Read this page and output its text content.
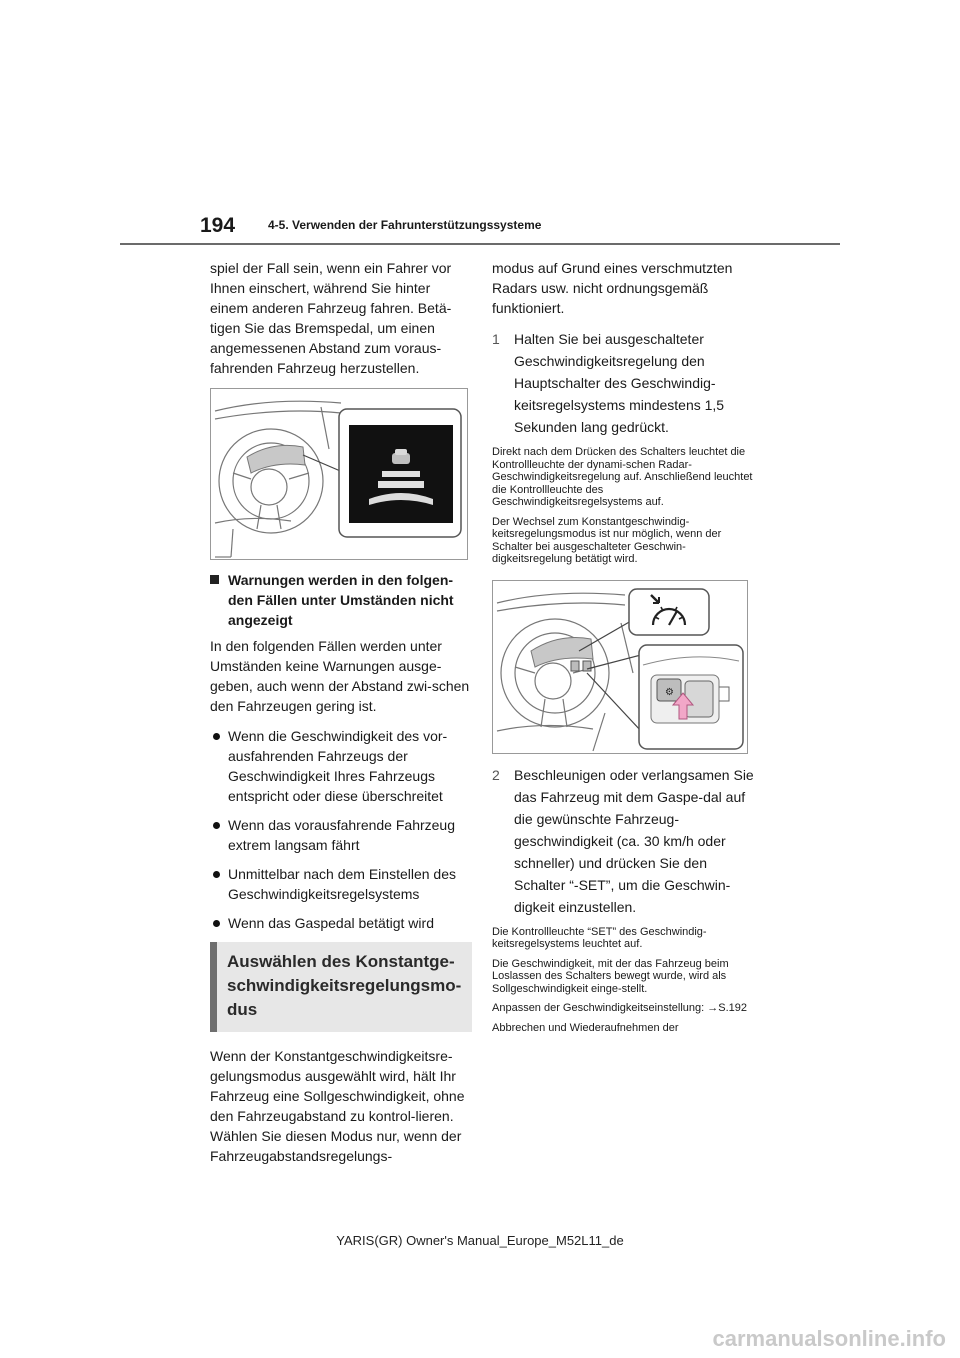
194	4-5. Verwenden der Fahrunterstützungssysteme

spiel der Fall sein, wenn ein Fahrer vor Ihnen einschert, während Sie hinter einem anderen Fahrzeug fahren. Betä-tigen Sie das Bremspedal, um einen angemessenen Abstand zum voraus-fahrenden Fahrzeug herzustellen.

Warnungen werden in den folgen-den Fällen unter Umständen nicht angezeigt

In den folgenden Fällen werden unter Umständen keine Warnungen ausge-geben, auch wenn der Abstand zwi-schen den Fahrzeugen gering ist.

Wenn die Geschwindigkeit des vor-ausfahrenden Fahrzeugs der Geschwindigkeit Ihres Fahrzeugs entspricht oder diese überschreitet
Wenn das vorausfahrende Fahrzeug extrem langsam fährt
Unmittelbar nach dem Einstellen des Geschwindigkeitsregelsystems
Wenn das Gaspedal betätigt wird
Auswählen des Konstantge-schwindigkeitsregelungsmo-dus

Wenn der Konstantgeschwindigkeitsre-gelungsmodus ausgewählt wird, hält Ihr Fahrzeug eine Sollgeschwindigkeit, ohne den Fahrzeugabstand zu kontrol-lieren. Wählen Sie diesen Modus nur, wenn der Fahrzeugabstandsregelungs-

modus auf Grund eines verschmutzten Radars usw. nicht ordnungsgemäß funktioniert.

1 Halten Sie bei ausgeschalteter Geschwindigkeitsregelung den Hauptschalter des Geschwindig-keitsregelsystems mindestens 1,5 Sekunden lang gedrückt.

Direkt nach dem Drücken des Schalters leuchtet die Kontrollleuchte der dynami-schen Radar-Geschwindigkeitsregelung auf. Anschließend leuchtet die Kontrollleuchte des Geschwindigkeitsregelsystems auf.

Der Wechsel zum Konstantgeschwindig-keitsregelungsmodus ist nur möglich, wenn der Schalter bei ausgeschalteter Geschwin-digkeitsregelung betätigt wird.

⚙
2 Beschleunigen oder verlangsamen Sie das Fahrzeug mit dem Gaspe-dal auf die gewünschte Fahrzeug-geschwindigkeit (ca. 30 km/h oder schneller) und drücken Sie den Schalter “-SET”, um die Geschwin-digkeit einzustellen.

Die Kontrollleuchte “SET” des Geschwindig-keitsregelsystems leuchtet auf.

Die Geschwindigkeit, mit der das Fahrzeug beim Loslassen des Schalters bewegt wurde, wird als Sollgeschwindigkeit einge-stellt.

Anpassen der Geschwindigkeitseinstellung: →S.192

Abbrechen und Wiederaufnehmen der

YARIS(GR) Owner's Manual_Europe_M52L11_de
carmanualsonline.info
